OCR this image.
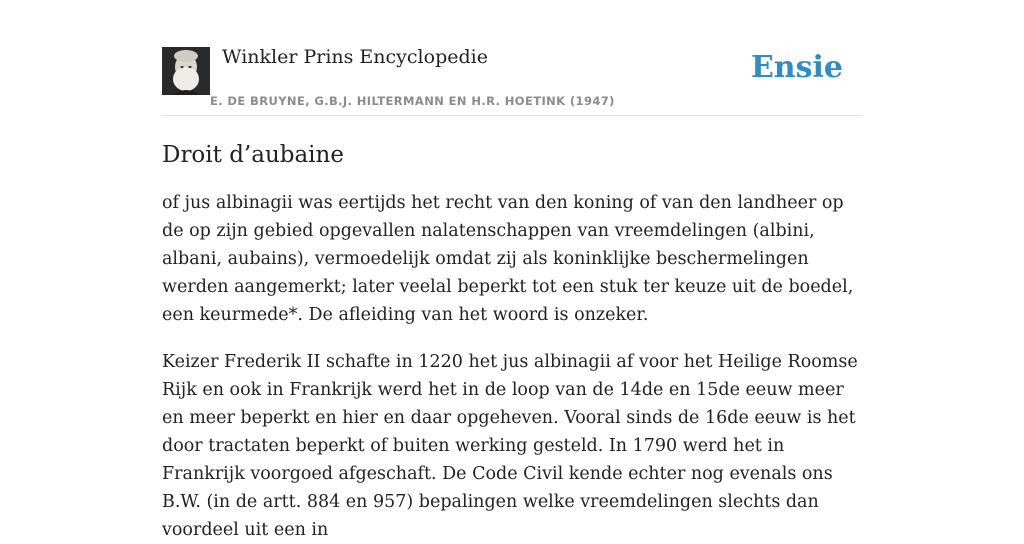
Winkler Prins Encyclopedie
E. DE BRUYNE, G.B.J. HILTERMANN EN H.R. HOETINK (1947)
Ensie
Droit d’aubaine

of jus albinagii was eertijds het recht van den koning of van den landheer op de op zijn gebied opgevallen nalatenschappen van vreemdelingen (albini, albani, aubains), vermoedelijk omdat zij als koninklijke beschermelingen werden aangemerkt; later veelal beperkt tot een stuk ter keuze uit de boedel, een keurmede*. De afleiding van het woord is onzeker.

Keizer Frederik II schafte in 1220 het jus albinagii af voor het Heilige Roomse Rijk en ook in Frankrijk werd het in de loop van de 14de en 15de eeuw meer en meer beperkt en hier en daar opgeheven. Vooral sinds de 16de eeuw is het door tractaten beperkt of buiten werking gesteld. In 1790 werd het in Frankrijk voorgoed afgeschaft. De Code Civil kende echter nog evenals ons B.W. (in de artt. 884 en 957) bepalingen welke vreemdelingen slechts dan voordeel uit een in
